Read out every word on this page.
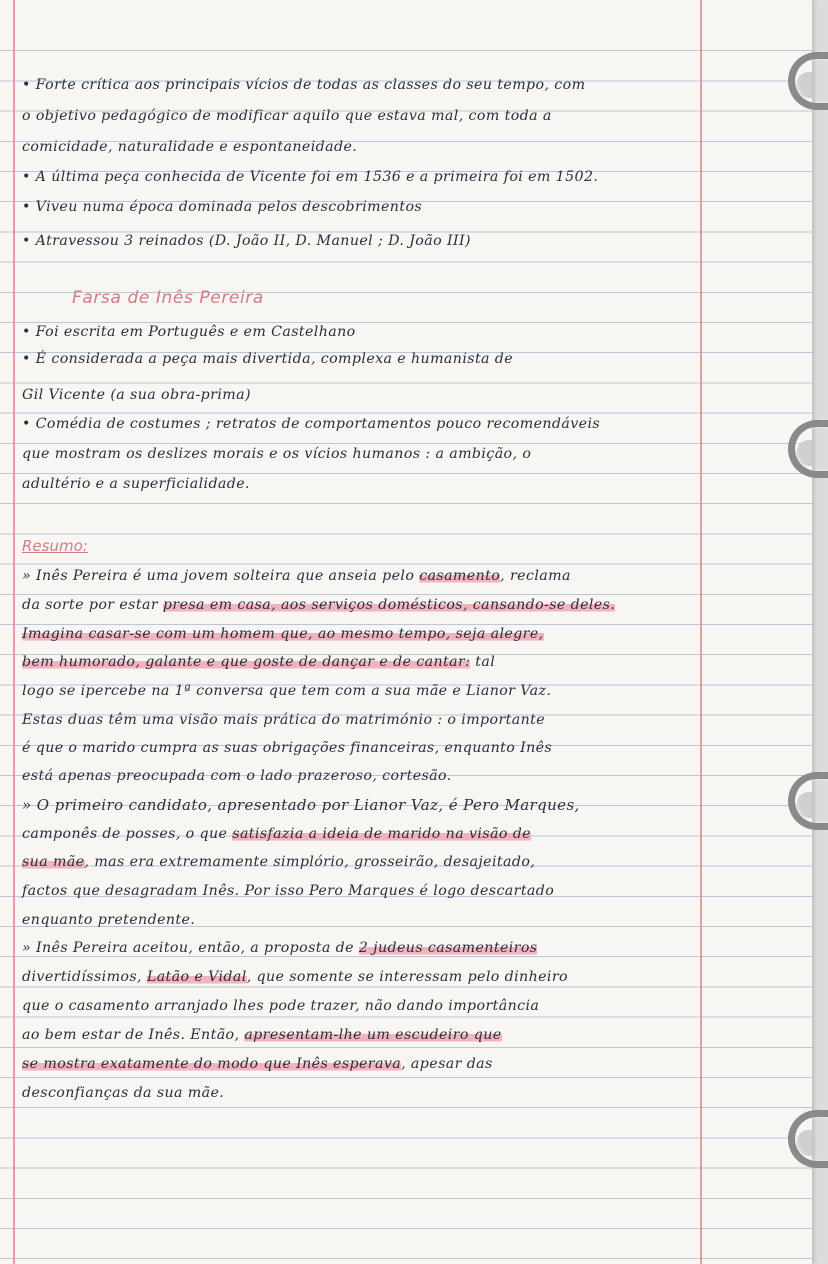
• Forte crítica aos principais vícios de todas as classes do seu tempo, com
o objetivo pedagógico de modificar aquilo que estava mal, com toda a
comicidade, naturalidade e espontaneidade.
• A última peça conhecida de Vicente foi em 1536 e a primeira foi em 1502.
• Viveu numa época dominada pelos descobrimentos
• Atravessou 3 reinados (D. João II, D. Manuel ; D. João III)
Farsa de Inês Pereira
• Foi escrita em Português e em Castelhano
• É considerada a peça mais divertida, complexa e humanista de
Gil Vicente (a sua obra-prima)
• Comédia de costumes ; retratos de comportamentos pouco recomendáveis
que mostram os deslizes morais e os vícios humanos : a ambição, o
adultério e a superficialidade.
Resumo:
» Inês Pereira é uma jovem solteira que anseia pelo casamento, reclama
da sorte por estar presa em casa, aos serviços domésticos, cansando-se deles.
Imagina casar-se com um homem que, ao mesmo tempo, seja alegre,
bem humorado, galante e que goste de dançar e de cantar: tal
logo se ipercebe na 1ª conversa que tem com a sua mãe e Lianor Vaz.
Estas duas têm uma visão mais prática do matrimónio : o importante
é que o marido cumpra as suas obrigações financeiras, enquanto Inês
está apenas preocupada com o lado prazeroso, cortesão.
» O primeiro candidato, apresentado por Lianor Vaz, é Pero Marques,
camponês de posses, o que satisfazia a ideia de marido na visão de
sua mãe, mas era extremamente simplório, grosseirão, desajeitado,
factos que desagradam Inês. Por isso Pero Marques é logo descartado
enquanto pretendente.
» Inês Pereira aceitou, então, a proposta de 2 judeus casamenteiros
divertidíssimos, Latão e Vidal, que somente se interessam pelo dinheiro
que o casamento arranjado lhes pode trazer, não dando importância
ao bem estar de Inês. Então, apresentam-lhe um escudeiro que
se mostra exatamente do modo que Inês esperava, apesar das
desconfianças da sua mãe.
